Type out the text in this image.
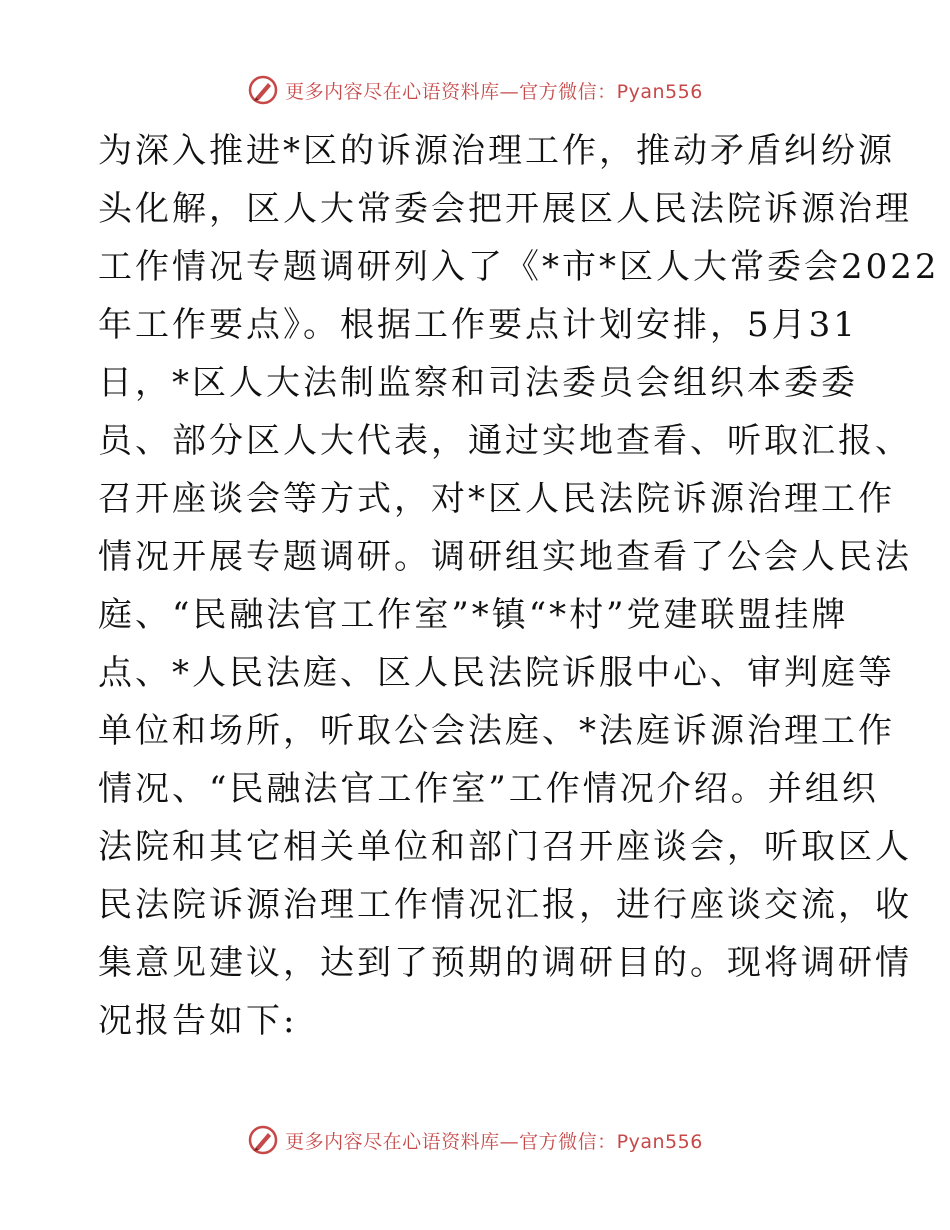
更多内容尽在心语资料库—官方微信：Pyan556
为深入推进*区的诉源治理工作，推动矛盾纠纷源
头化解，区人大常委会把开展区人民法院诉源治理
工作情况专题调研列入了《*市*区人大常委会2022
年工作要点》。根据工作要点计划安排，5月31
日，*区人大法制监察和司法委员会组织本委委
员、部分区人大代表，通过实地查看、听取汇报、
召开座谈会等方式，对*区人民法院诉源治理工作
情况开展专题调研。调研组实地查看了公会人民法
庭、“民融法官工作室”*镇“*村”党建联盟挂牌
点、*人民法庭、区人民法院诉服中心、审判庭等
单位和场所，听取公会法庭、*法庭诉源治理工作
情况、“民融法官工作室”工作情况介绍。并组织
法院和其它相关单位和部门召开座谈会，听取区人
民法院诉源治理工作情况汇报，进行座谈交流，收
集意见建议，达到了预期的调研目的。现将调研情
况报告如下:
更多内容尽在心语资料库—官方微信：Pyan556
